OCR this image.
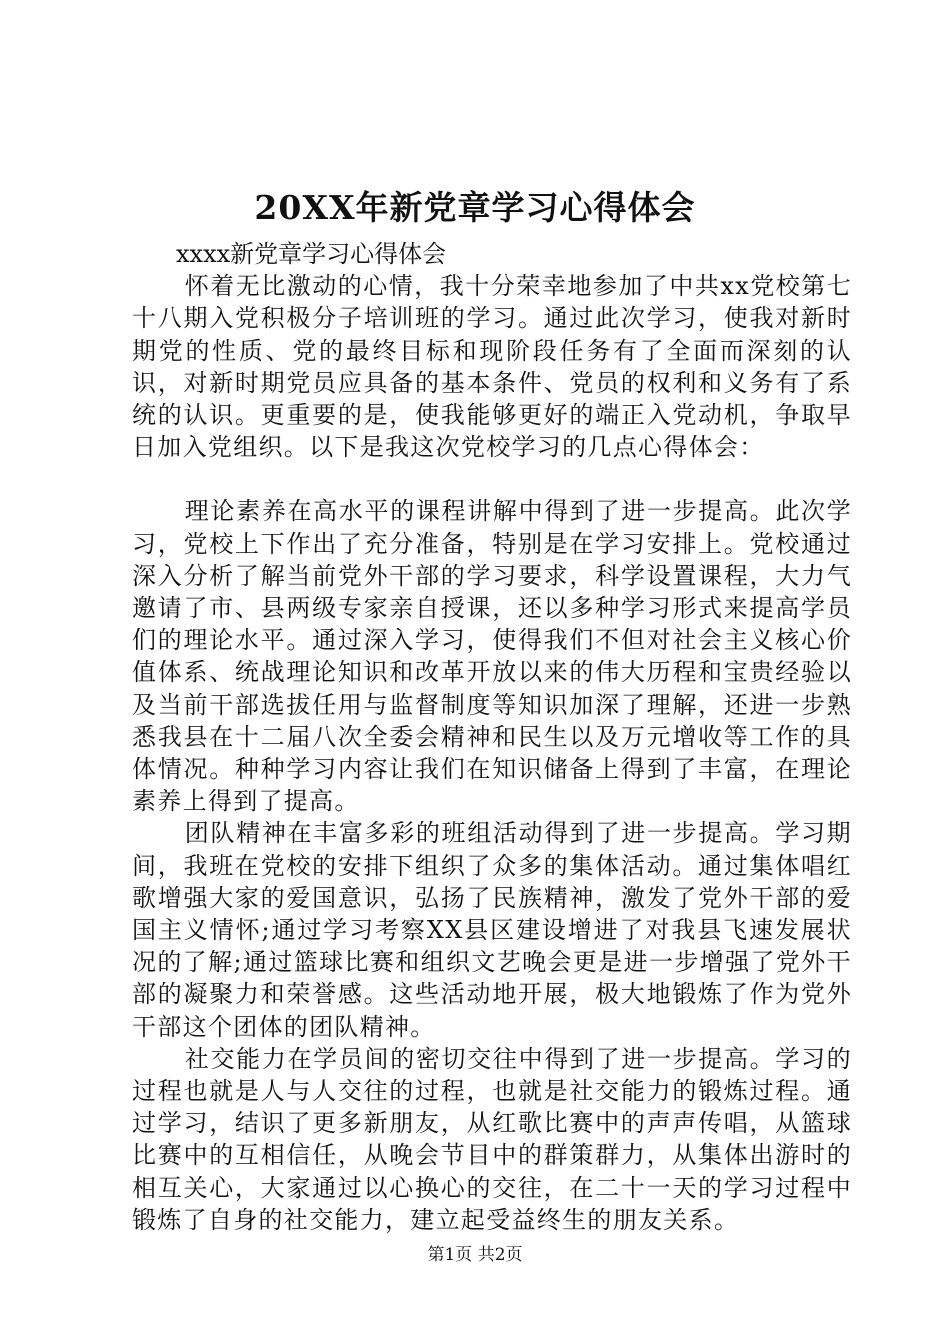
20XX年新党章学习心得体会

xxxx新党章学习心得体会

怀着无比激动的心情，我十分荣幸地参加了中共xx党校第七十八期入党积极分子培训班的学习。通过此次学习，使我对新时期党的性质、党的最终目标和现阶段任务有了全面而深刻的认识，对新时期党员应具备的基本条件、党员的权利和义务有了系统的认识。更重要的是，使我能够更好的端正入党动机，争取早日加入党组织。以下是我这次党校学习的几点心得体会：

理论素养在高水平的课程讲解中得到了进一步提高。此次学习，党校上下作出了充分准备，特别是在学习安排上。党校通过深入分析了解当前党外干部的学习要求，科学设置课程，大力气邀请了市、县两级专家亲自授课，还以多种学习形式来提高学员们的理论水平。通过深入学习，使得我们不但对社会主义核心价值体系、统战理论知识和改革开放以来的伟大历程和宝贵经验以及当前干部选拔任用与监督制度等知识加深了理解，还进一步熟悉我县在十二届八次全委会精神和民生以及万元增收等工作的具体情况。种种学习内容让我们在知识储备上得到了丰富，在理论素养上得到了提高。

团队精神在丰富多彩的班组活动得到了进一步提高。学习期间，我班在党校的安排下组织了众多的集体活动。通过集体唱红歌增强大家的爱国意识，弘扬了民族精神，激发了党外干部的爱国主义情怀;通过学习考察XX县区建设增进了对我县飞速发展状况的了解;通过篮球比赛和组织文艺晚会更是进一步增强了党外干部的凝聚力和荣誉感。这些活动地开展，极大地锻炼了作为党外干部这个团体的团队精神。

社交能力在学员间的密切交往中得到了进一步提高。学习的过程也就是人与人交往的过程，也就是社交能力的锻炼过程。通过学习，结识了更多新朋友，从红歌比赛中的声声传唱，从篮球比赛中的互相信任，从晚会节目中的群策群力，从集体出游时的相互关心，大家通过以心换心的交往，在二十一天的学习过程中锻炼了自身的社交能力，建立起受益终生的朋友关系。

第1页 共2页
